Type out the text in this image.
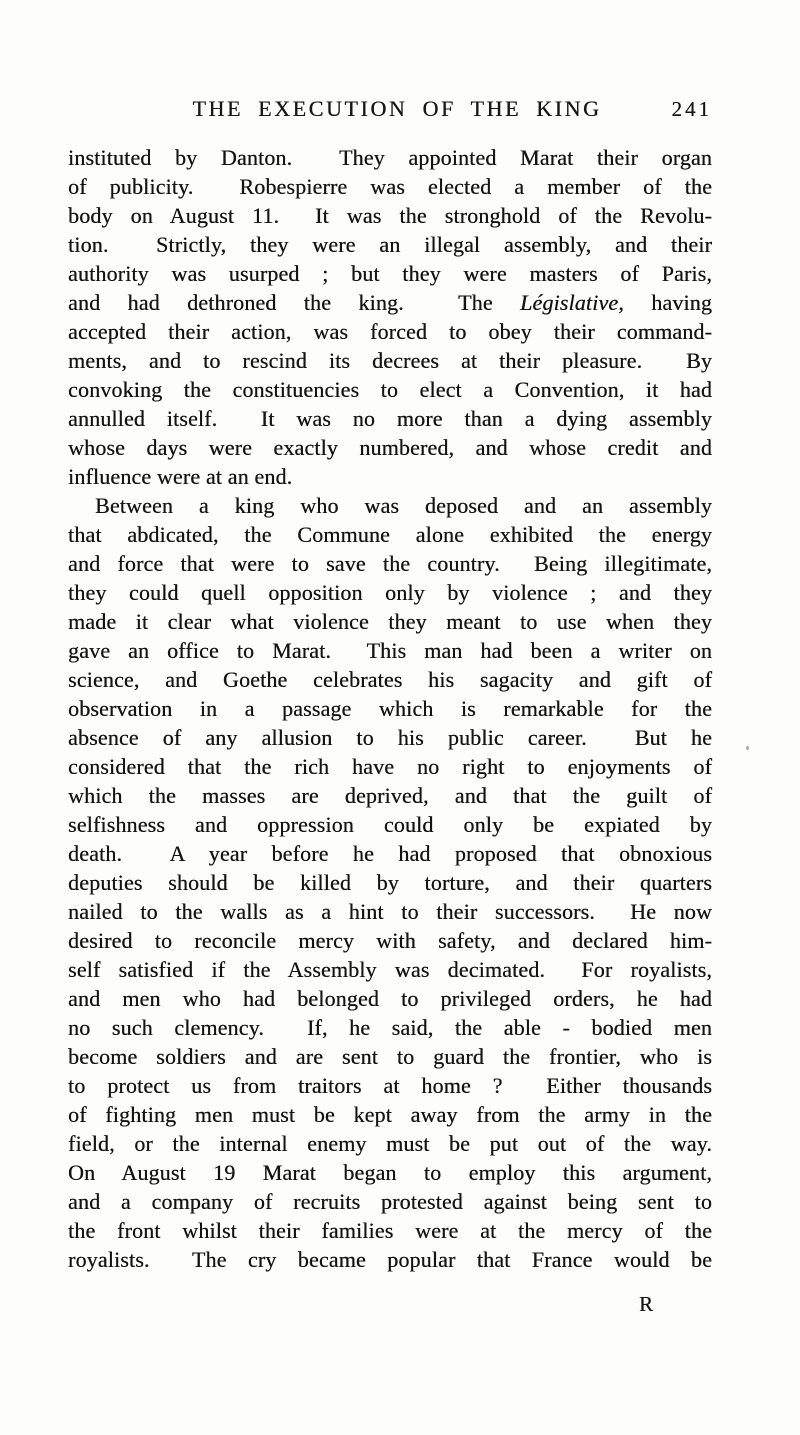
THE EXECUTION OF THE KING	241
instituted by Danton.  They appointed Marat their organ
of publicity.  Robespierre was elected a member of the
body on August 11.  It was the stronghold of the Revolu-
tion.  Strictly, they were an illegal assembly, and their
authority was usurped ; but they were masters of Paris,
and had dethroned the king.  The Législative, having
accepted their action, was forced to obey their command-
ments, and to rescind its decrees at their pleasure.  By
convoking the constituencies to elect a Convention, it had
annulled itself.  It was no more than a dying assembly
whose days were exactly numbered, and whose credit and
influence were at an end.
Between a king who was deposed and an assembly
that abdicated, the Commune alone exhibited the energy
and force that were to save the country.  Being illegitimate,
they could quell opposition only by violence ; and they
made it clear what violence they meant to use when they
gave an office to Marat.  This man had been a writer on
science, and Goethe celebrates his sagacity and gift of
observation in a passage which is remarkable for the
absence of any allusion to his public career.  But he
considered that the rich have no right to enjoyments of
which the masses are deprived, and that the guilt of
selfishness and oppression could only be expiated by
death.  A year before he had proposed that obnoxious
deputies should be killed by torture, and their quarters
nailed to the walls as a hint to their successors.  He now
desired to reconcile mercy with safety, and declared him-
self satisfied if the Assembly was decimated.  For royalists,
and men who had belonged to privileged orders, he had
no such clemency.  If, he said, the able - bodied men
become soldiers and are sent to guard the frontier, who is
to protect us from traitors at home ?  Either thousands
of fighting men must be kept away from the army in the
field, or the internal enemy must be put out of the way.
On August 19 Marat began to employ this argument,
and a company of recruits protested against being sent to
the front whilst their families were at the mercy of the
royalists.  The cry became popular that France would be
R
